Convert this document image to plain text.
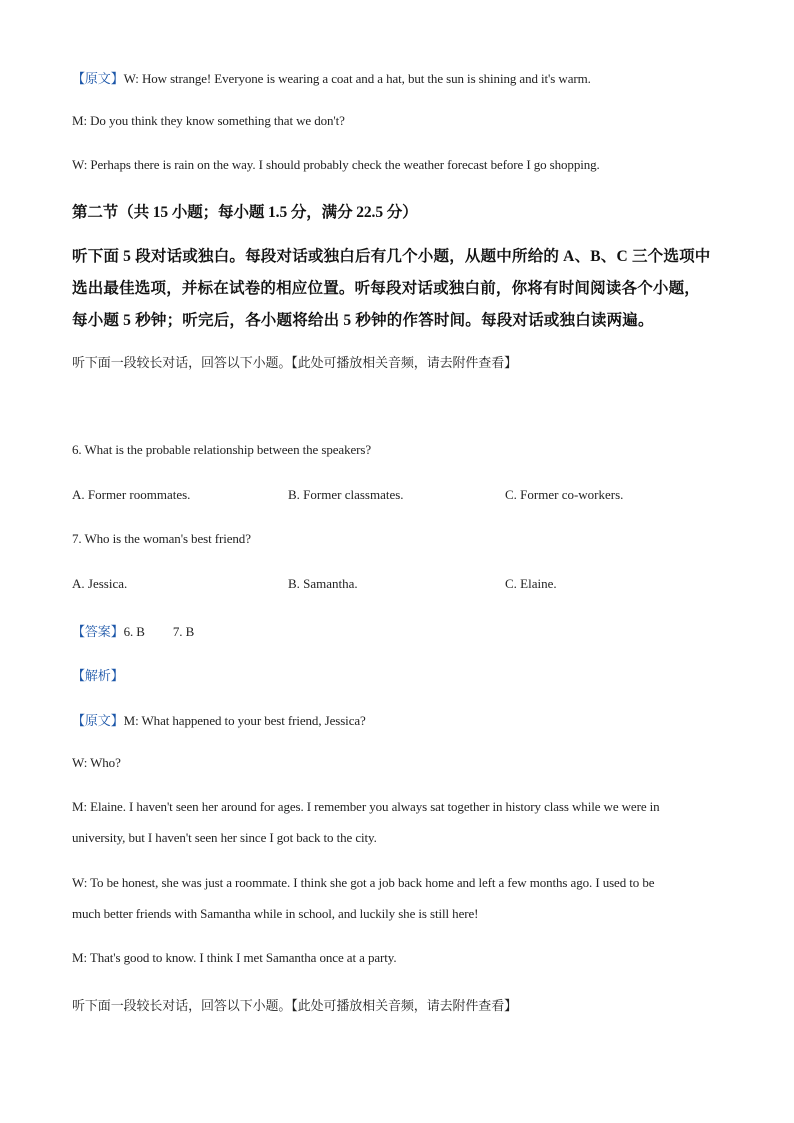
【原文】W: How strange! Everyone is wearing a coat and a hat, but the sun is shining and it's warm.
M: Do you think they know something that we don't?
W: Perhaps there is rain on the way. I should probably check the weather forecast before I go shopping.
第二节（共 15 小题；每小题 1.5 分，满分 22.5 分）
听下面 5 段对话或独白。每段对话或独白后有几个小题，从题中所给的 A、B、C 三个选项中
选出最佳选项，并标在试卷的相应位置。听每段对话或独白前，你将有时间阅读各个小题，
每小题 5 秒钟；听完后，各小题将给出 5 秒钟的作答时间。每段对话或独白读两遍。
听下面一段较长对话，回答以下小题。【此处可播放相关音频，请去附件查看】
6. What is the probable relationship between the speakers?
A. Former roommates.	B. Former classmates.	C. Former co-workers.
7. Who is the woman's best friend?
A. Jessica.	B. Samantha.	C. Elaine.
【答案】6. B 7. B
【解析】
【原文】M: What happened to your best friend, Jessica?
W: Who?
M: Elaine. I haven't seen her around for ages. I remember you always sat together in history class while we were in
university, but I haven't seen her since I got back to the city.
W: To be honest, she was just a roommate. I think she got a job back home and left a few months ago. I used to be
much better friends with Samantha while in school, and luckily she is still here!
M: That's good to know. I think I met Samantha once at a party.
听下面一段较长对话，回答以下小题。【此处可播放相关音频，请去附件查看】
